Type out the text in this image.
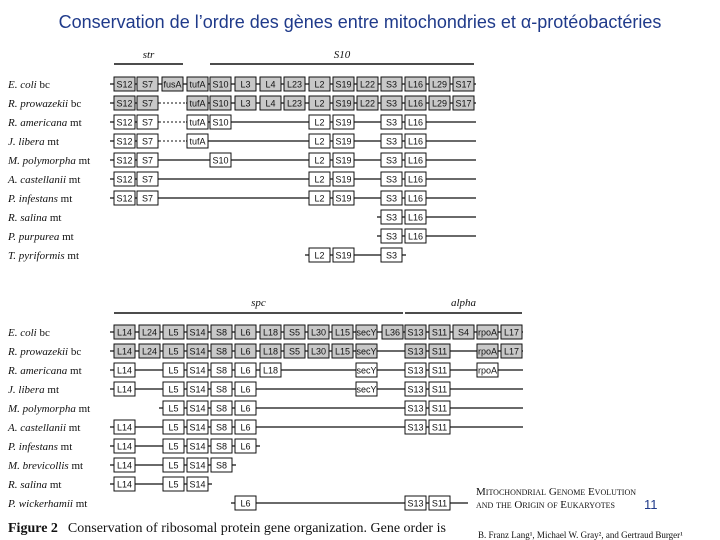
Conservation de l’ordre des gènes entre mitochondries et α-protéobactéries
str	S10
E. coli bc	S12 S7 fusA tufA S10 L3 L4 L23 L2 S19 L22 S3 L16 L29 S17
R. prowazekii bc	S12 S7	tufA S10 L3 L4 L23 L2 S19 L22 S3 L16 L29 S17
R. americana mt	S12 S7	tufA S10	L2 S19	S3 L16
J. libera mt	S12 S7	tufA	L2 S19	S3 L16
M. polymorpha mt	S12 S7	S10	L2 S19	S3 L16
A. castellanii mt	S12 S7	L2 S19	S3 L16
P. infestans mt	S12 S7	L2 S19	S3 L16
R. salina mt	S3 L16
P. purpurea mt	S3 L16
T. pyriformis mt	L2 S19	S3
spc	alpha
E. coli bc	L14 L24 L5 S14 S8 L6 L18 S5 L30 L15 secY L36 S13 S11 S4 rpoA L17
R. prowazekii bc	L14 L24 L5 S14 S8 L6 L18 S5 L30 L15 secY	S13 S11	rpoA L17
R. americana mt	L14	L5 S14 S8 L6 L18	secY	S13 S11	rpoA
J. libera mt	L14	L5 S14 S8 L6	secY	S13 S11
M. polymorpha mt	L5 S14 S8 L6	S13 S11
A. castellanii mt	L14	L5 S14 S8 L6	S13 S11
P. infestans mt	L14	L5 S14 S8 L6
M. brevicollis mt	L14	L5 S14 S8
R. salina mt	L14	L5 S14
P. wickerhamii mt	L6	S13 S11
Mitochondrial Genome Evolution
and the Origin of Eukaryotes
B. Franz Lang¹, Michael W. Gray², and Gertraud Burger¹
11
Figure 2 Conservation of ribosomal protein gene organization. Gene order is
